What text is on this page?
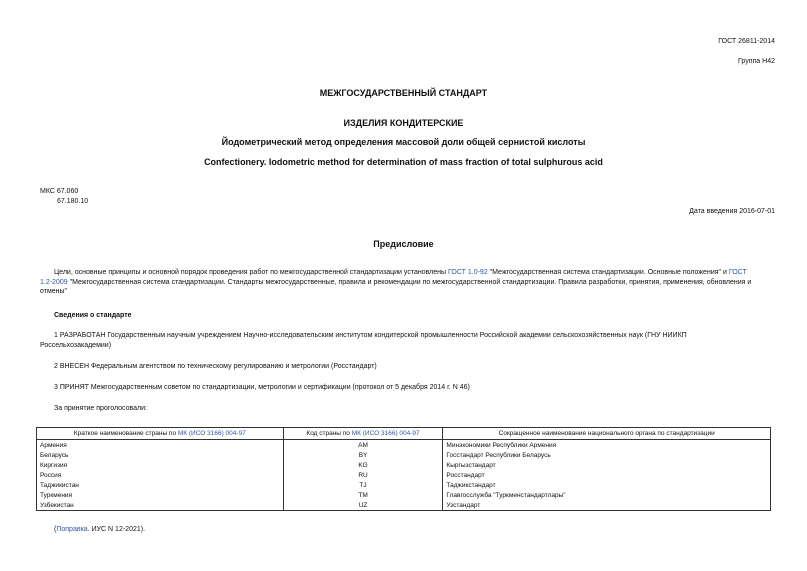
ГОСТ 26811-2014
Группа Н42
МЕЖГОСУДАРСТВЕННЫЙ СТАНДАРТ
ИЗДЕЛИЯ КОНДИТЕРСКИЕ
Йодометрический метод определения массовой доли общей сернистой кислоты
Confectionery. Iodometric method for determination of mass fraction of total sulphurous acid
МКС 67.060
67.180.10
Дата введения 2016-07-01
Предисловие
Цели, основные принципы и основной порядок проведения работ по межгосударственной стандартизации установлены ГОСТ 1.0-92 "Межгосударственная система стандартизации. Основные положения" и ГОСТ
1.2-2009 "Межгосударственная система стандартизации. Стандарты межгосударственные, правила и рекомендации по межгосударственной стандартизации. Правила разработки, принятия, применения, обновления и
отмены"
Сведения о стандарте
1 РАЗРАБОТАН Государственным научным учреждением Научно-исследовательским институтом кондитерской промышленности Российской академии сельскохозяйственных наук (ГНУ НИИКП
Россельхозакадемии)
2 ВНЕСЕН Федеральным агентством по техническому регулированию и метрологии (Росстандарт)
3 ПРИНЯТ Межгосударственным советом по стандартизации, метрологии и сертификации (протокол от 5 декабря 2014 г. N 46)
За принятие проголосовали:
Краткое наименование страны по МК (ИСО 3166) 004-97	Код страны по МК (ИСО 3166) 004-97	Сокращенное наименование национального органа по стандартизации
Армения	AM	Минэкономики Республики Армения
Беларусь	BY	Госстандарт Республики Беларусь
Киргизия	KG	Кыргызстандарт
Россия	RU	Росстандарт
Таджикистан	TJ	Таджикстандарт
Туркмения	TM	Главгосслужба "Туркменстандартлары"
Узбекистан	UZ	Узстандарт
(Поправка. ИУС N 12-2021).
